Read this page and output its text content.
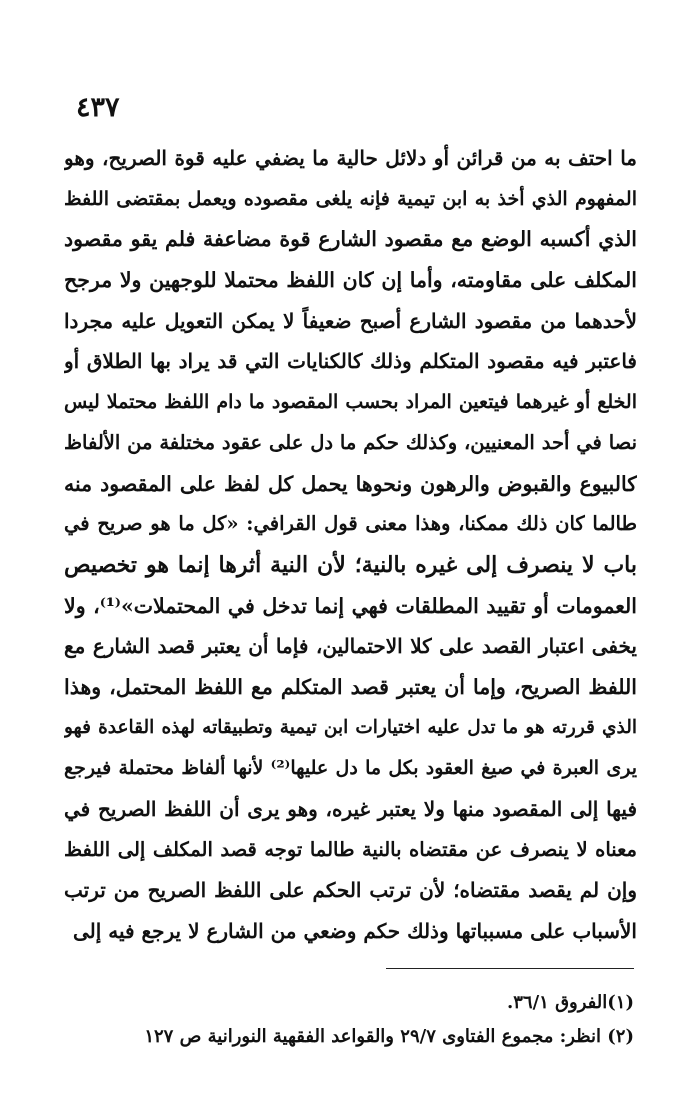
٤٣٧
ما احتف به من قرائن أو دلائل حالية ما يضفي عليه قوة الصريح، وهو
المفهوم الذي أخذ به ابن تيمية فإنه يلغى مقصوده ويعمل بمقتضى اللفظ
الذي أكسبه الوضع مع مقصود الشارع قوة مضاعفة فلم يقو مقصود
المكلف على مقاومته، وأما إن كان اللفظ محتملا للوجهين ولا مرجح
لأحدهما من مقصود الشارع أصبح ضعيفاً لا يمكن التعويل عليه مجردا
فاعتبر فيه مقصود المتكلم وذلك كالكنايات التي قد يراد بها الطلاق أو
الخلع أو غيرهما فيتعين المراد بحسب المقصود ما دام اللفظ محتملا ليس
نصا في أحد المعنيين، وكذلك حكم ما دل على عقود مختلفة من الألفاظ
كالبيوع والقبوض والرهون ونحوها يحمل كل لفظ على المقصود منه
طالما كان ذلك ممكنا، وهذا معنى قول القرافي: «كل ما هو صريح في
باب لا ينصرف إلى غيره بالنية؛ لأن النية أثرها إنما هو تخصيص
العمومات أو تقييد المطلقات فهي إنما تدخل في المحتملات»⁽¹⁾، ولا
يخفى اعتبار القصد على كلا الاحتمالين، فإما أن يعتبر قصد الشارع مع
اللفظ الصريح، وإما أن يعتبر قصد المتكلم مع اللفظ المحتمل، وهذا
الذي قررته هو ما تدل عليه اختيارات ابن تيمية وتطبيقاته لهذه القاعدة فهو
يرى العبرة في صيغ العقود بكل ما دل عليها⁽²⁾ لأنها ألفاظ محتملة فيرجع
فيها إلى المقصود منها ولا يعتبر غيره، وهو يرى أن اللفظ الصريح في
معناه لا ينصرف عن مقتضاه بالنية طالما توجه قصد المكلف إلى اللفظ
وإن لم يقصد مقتضاه؛ لأن ترتب الحكم على اللفظ الصريح من ترتب
الأسباب على مسبباتها وذلك حكم وضعي من الشارع لا يرجع فيه إلى
(١)الفروق ٣٦/١.
(٢) انظر: مجموع الفتاوى ٢٩/٧ والقواعد الفقهية النورانية ص ١٢٧
